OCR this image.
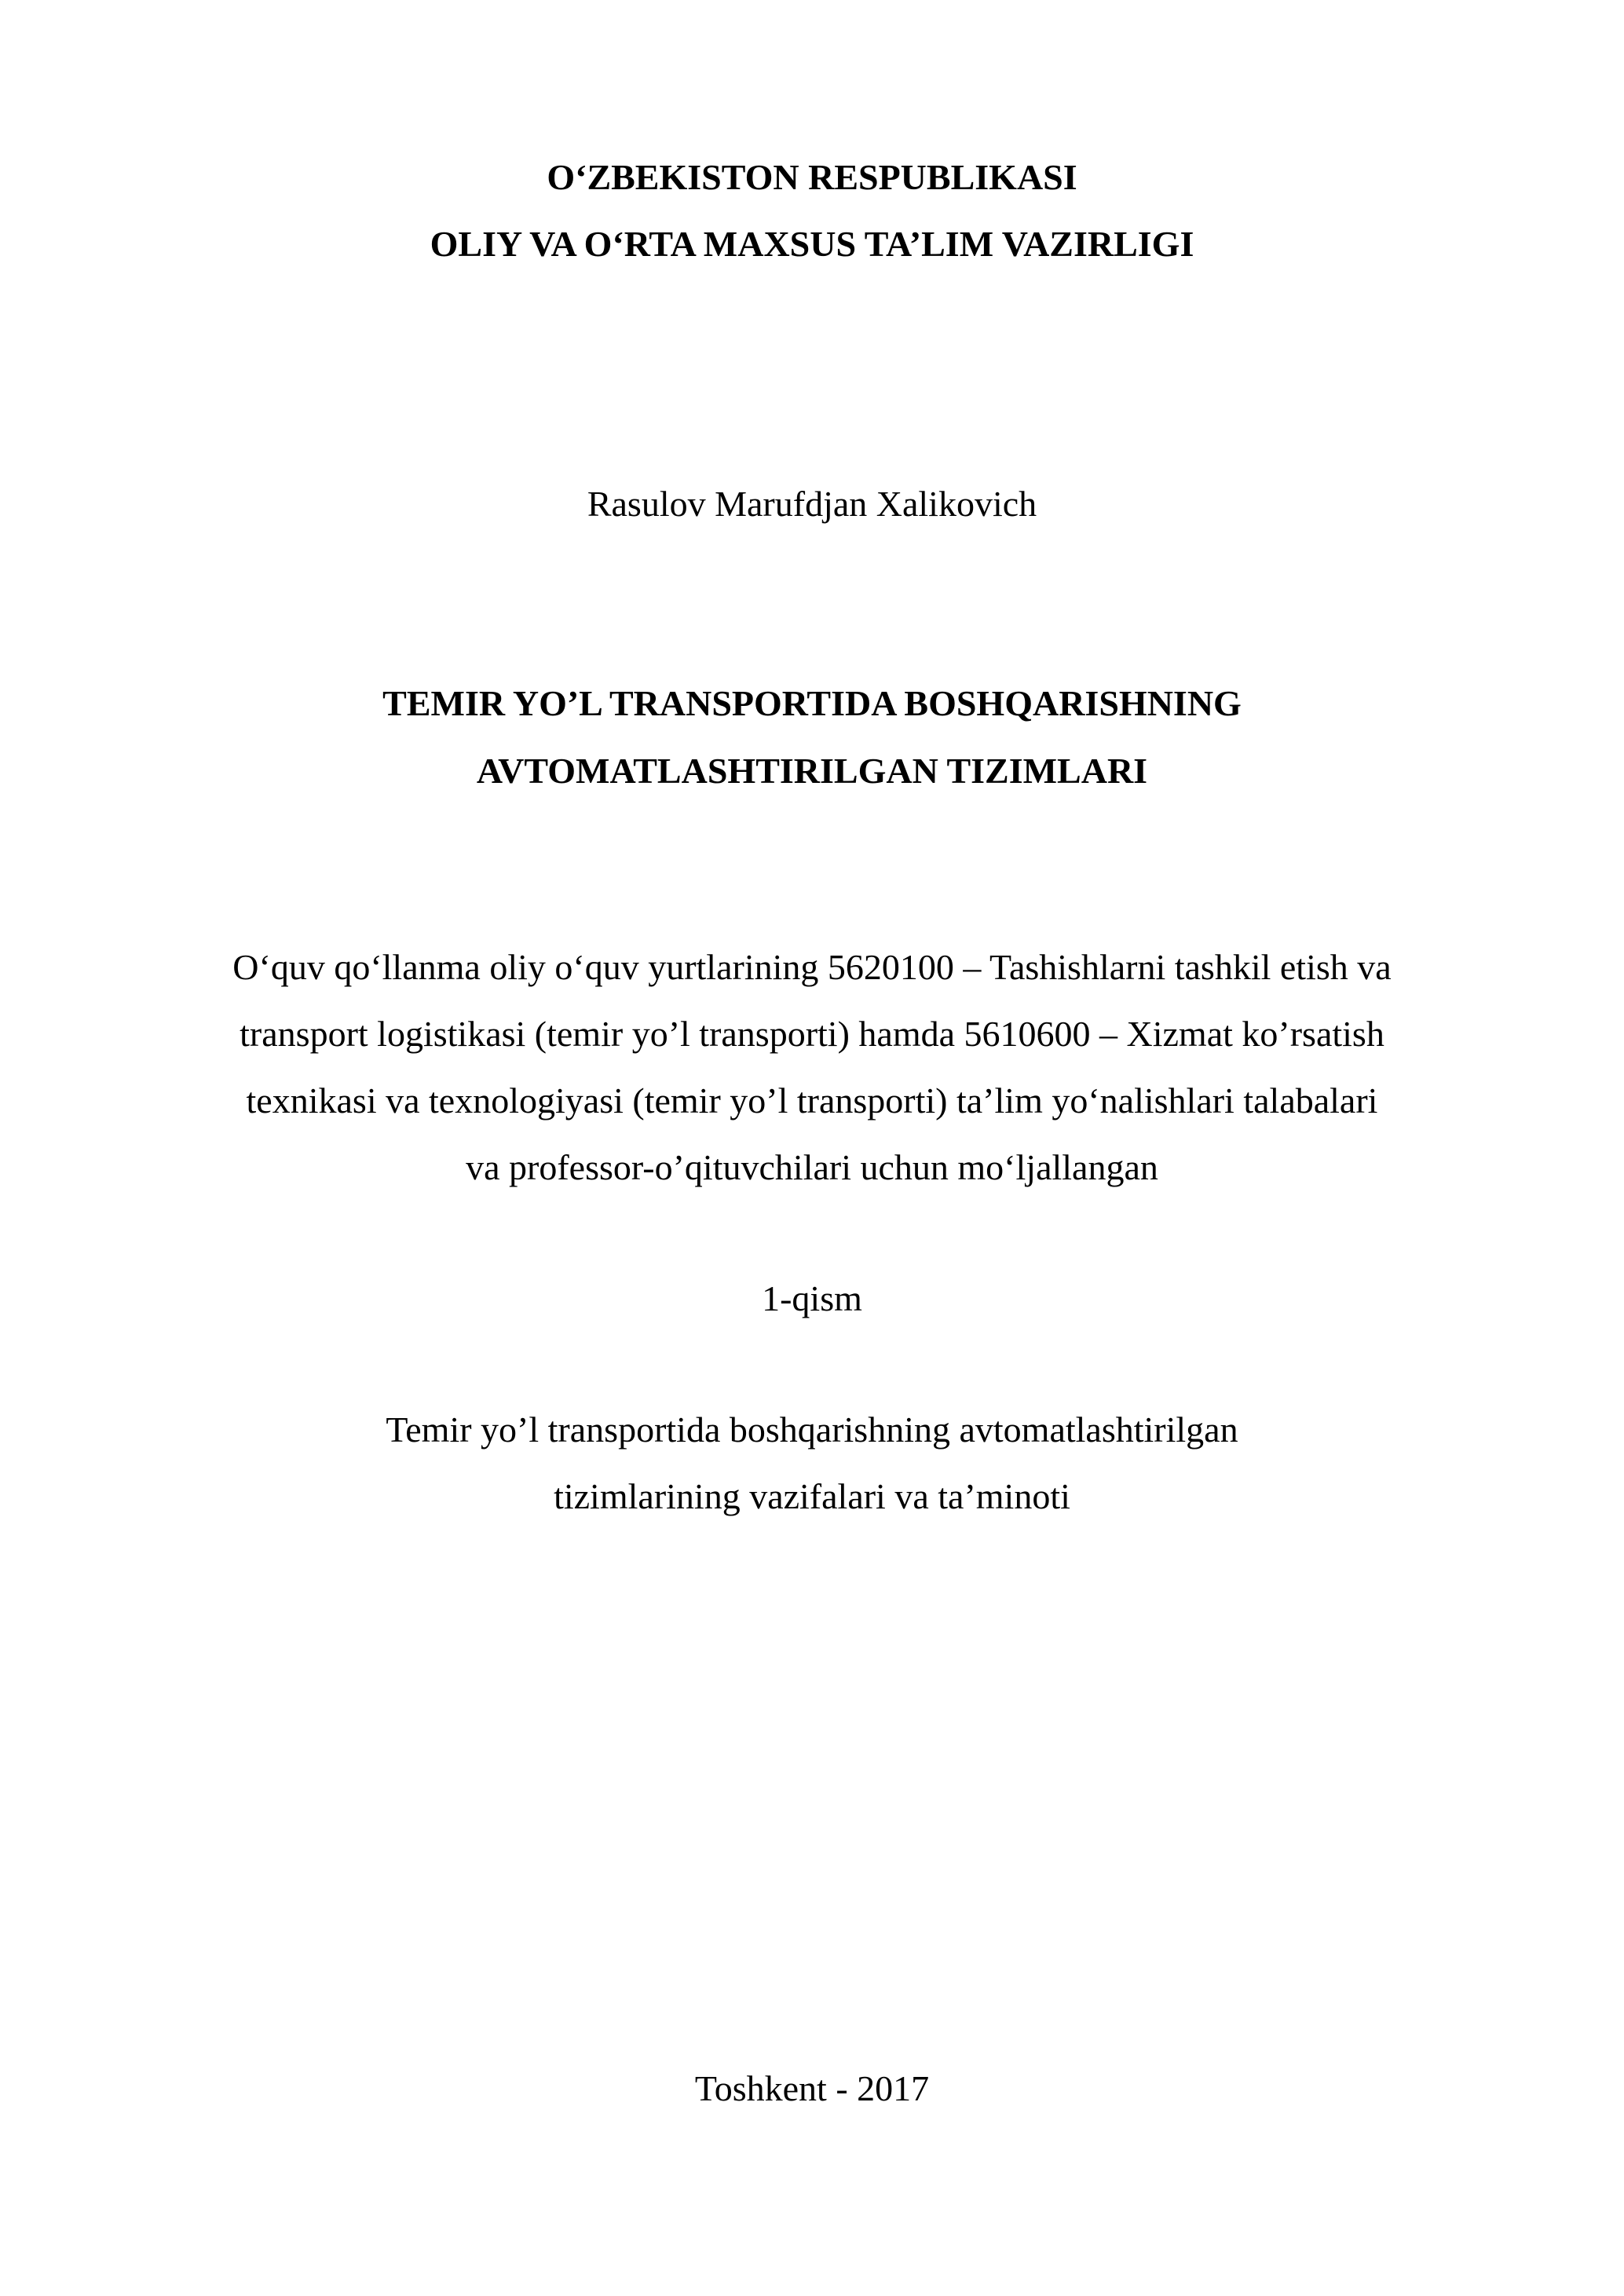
O‘ZBEKISTON RESPUBLIKASI
OLIY VA O‘RTA MAXSUS TA’LIM VAZIRLIGI
Rasulov Marufdjan Xalikovich
TEMIR YO’L TRANSPORTIDA BOSHQARISHNING
AVTOMATLASHTIRILGAN TIZIMLARI
O‘quv qo‘llanma oliy o‘quv yurtlarining 5620100 – Tashishlarni tashkil etish va
transport logistikasi (temir yo’l transporti) hamda 5610600 – Xizmat ko’rsatish
texnikasi va texnologiyasi (temir yo’l transporti) ta’lim yo‘nalishlari talabalari
va professor-o’qituvchilari uchun mo‘ljallangan
1-qism
Temir yo’l transportida boshqarishning avtomatlashtirilgan
tizimlarining vazifalari va ta’minoti
Toshkent - 2017
